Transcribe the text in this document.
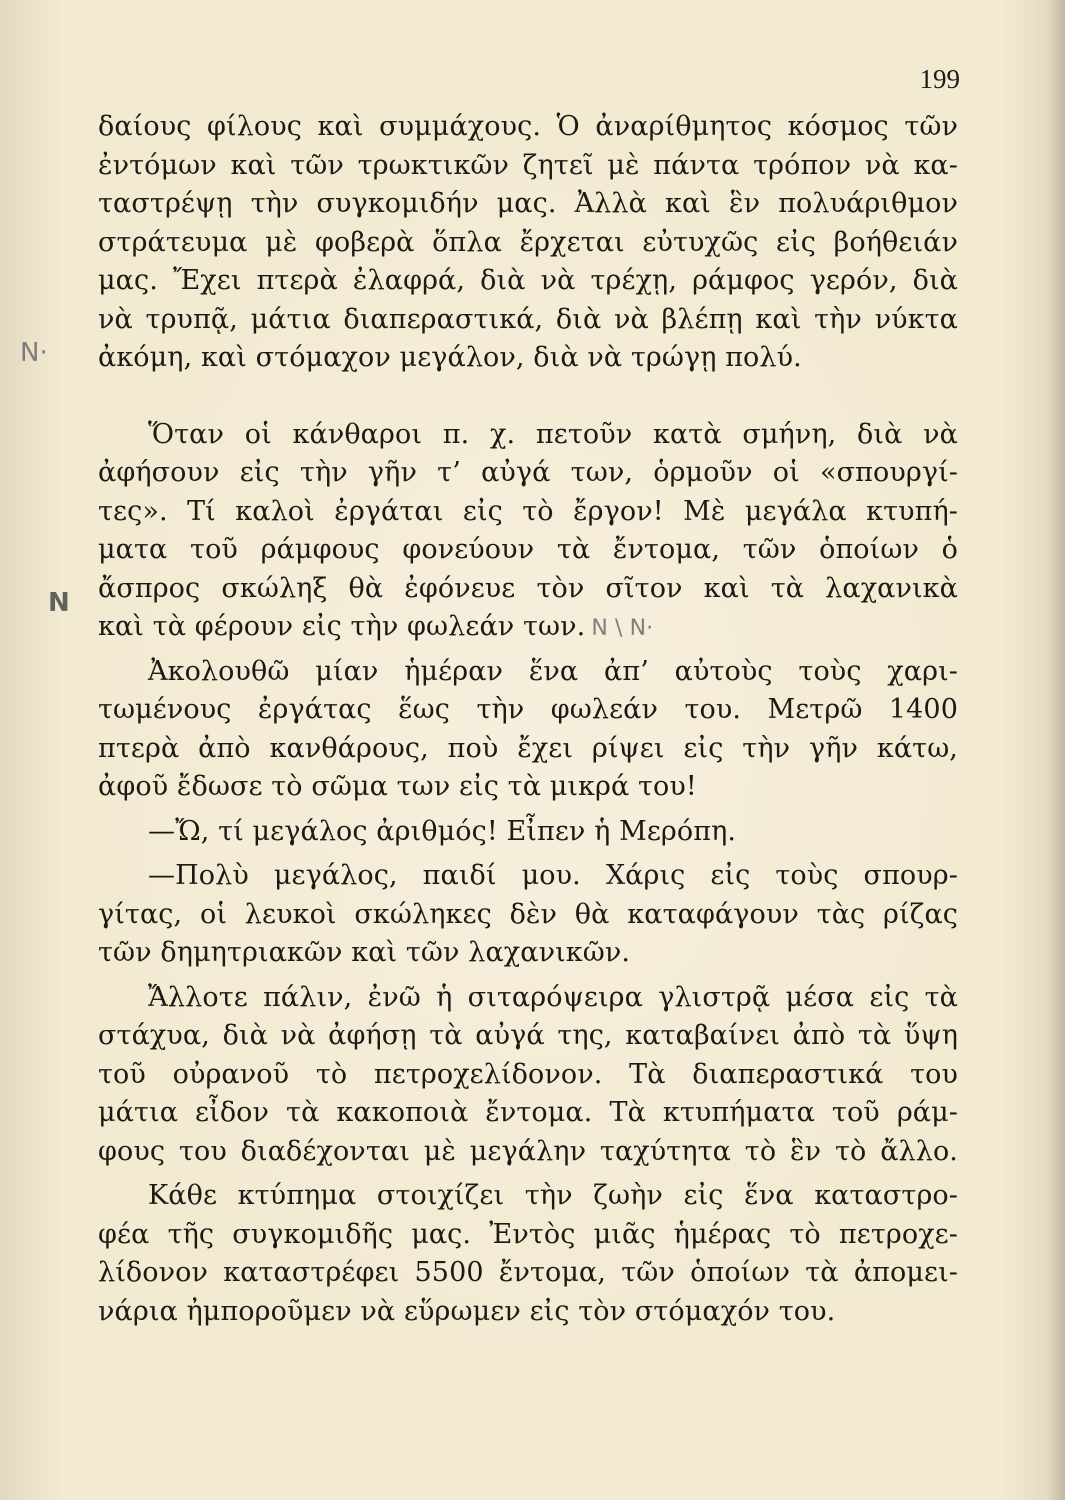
199
Ν·
Ν
δαίους φίλους καὶ συμμάχους. Ὁ ἀναρίθμητος κόσμος τῶν
ἐντόμων καὶ τῶν τρωκτικῶν ζητεῖ μὲ πάντα τρόπον νὰ κα-
ταστρέψῃ τὴν συγκομιδήν μας. Ἀλλὰ καὶ ἓν πολυάριθμον
στράτευμα μὲ φοβερὰ ὅπλα ἔρχεται εὐτυχῶς εἰς βοήθειάν
μας. Ἔχει πτερὰ ἐλαφρά, διὰ νὰ τρέχῃ, ράμφος γερόν, διὰ
νὰ τρυπᾷ, μάτια διαπεραστικά, διὰ νὰ βλέπῃ καὶ τὴν νύκτα
ἀκόμη, καὶ στόμαχον μεγάλον, διὰ νὰ τρώγῃ πολύ.
Ὅταν οἱ κάνθαροι π. χ. πετοῦν κατὰ σμήνη, διὰ νὰ
ἀφήσουν εἰς τὴν γῆν τ’ αὐγά των, ὁρμοῦν οἱ «σπουργί-
τες». Τί καλοὶ ἐργάται εἰς τὸ ἔργον! Μὲ μεγάλα κτυπή-
ματα τοῦ ράμφους φονεύουν τὰ ἔντομα, τῶν ὁποίων ὁ
ἄσπρος σκώληξ θὰ ἐφόνευε τὸν σῖτον καὶ τὰ λαχανικὰ
καὶ τὰ φέρουν εἰς τὴν φωλεάν των. Ν \ Ν·
Ἀκολουθῶ μίαν ἡμέραν ἕνα ἀπ’ αὐτοὺς τοὺς χαρι-
τωμένους ἐργάτας ἕως τὴν φωλεάν του. Μετρῶ 1400
πτερὰ ἀπὸ κανθάρους, ποὺ ἔχει ρίψει εἰς τὴν γῆν κάτω,
ἀφοῦ ἔδωσε τὸ σῶμα των εἰς τὰ μικρά του!
—Ὤ, τί μεγάλος ἀριθμός! Εἶπεν ἡ Μερόπη.
—Πολὺ μεγάλος, παιδί μου. Χάρις εἰς τοὺς σπουρ-
γίτας, οἱ λευκοὶ σκώληκες δὲν θὰ καταφάγουν τὰς ρίζας
τῶν δημητριακῶν καὶ τῶν λαχανικῶν.
Ἄλλοτε πάλιν, ἐνῶ ἡ σιταρόψειρα γλιστρᾷ μέσα εἰς τὰ
στάχυα, διὰ νὰ ἀφήσῃ τὰ αὐγά της, καταβαίνει ἀπὸ τὰ ὕψη
τοῦ οὐρανοῦ τὸ πετροχελίδονον. Τὰ διαπεραστικά του
μάτια εἶδον τὰ κακοποιὰ ἔντομα. Τὰ κτυπήματα τοῦ ράμ-
φους του διαδέχονται μὲ μεγάλην ταχύτητα τὸ ἓν τὸ ἄλλο.
Κάθε κτύπημα στοιχίζει τὴν ζωὴν εἰς ἕνα καταστρο-
φέα τῆς συγκομιδῆς μας. Ἐντὸς μιᾶς ἡμέρας τὸ πετροχε-
λίδονον καταστρέφει 5500 ἔντομα, τῶν ὁποίων τὰ ἀπομει-
νάρια ἠμποροῦμεν νὰ εὕρωμεν εἰς τὸν στόμαχόν του.
